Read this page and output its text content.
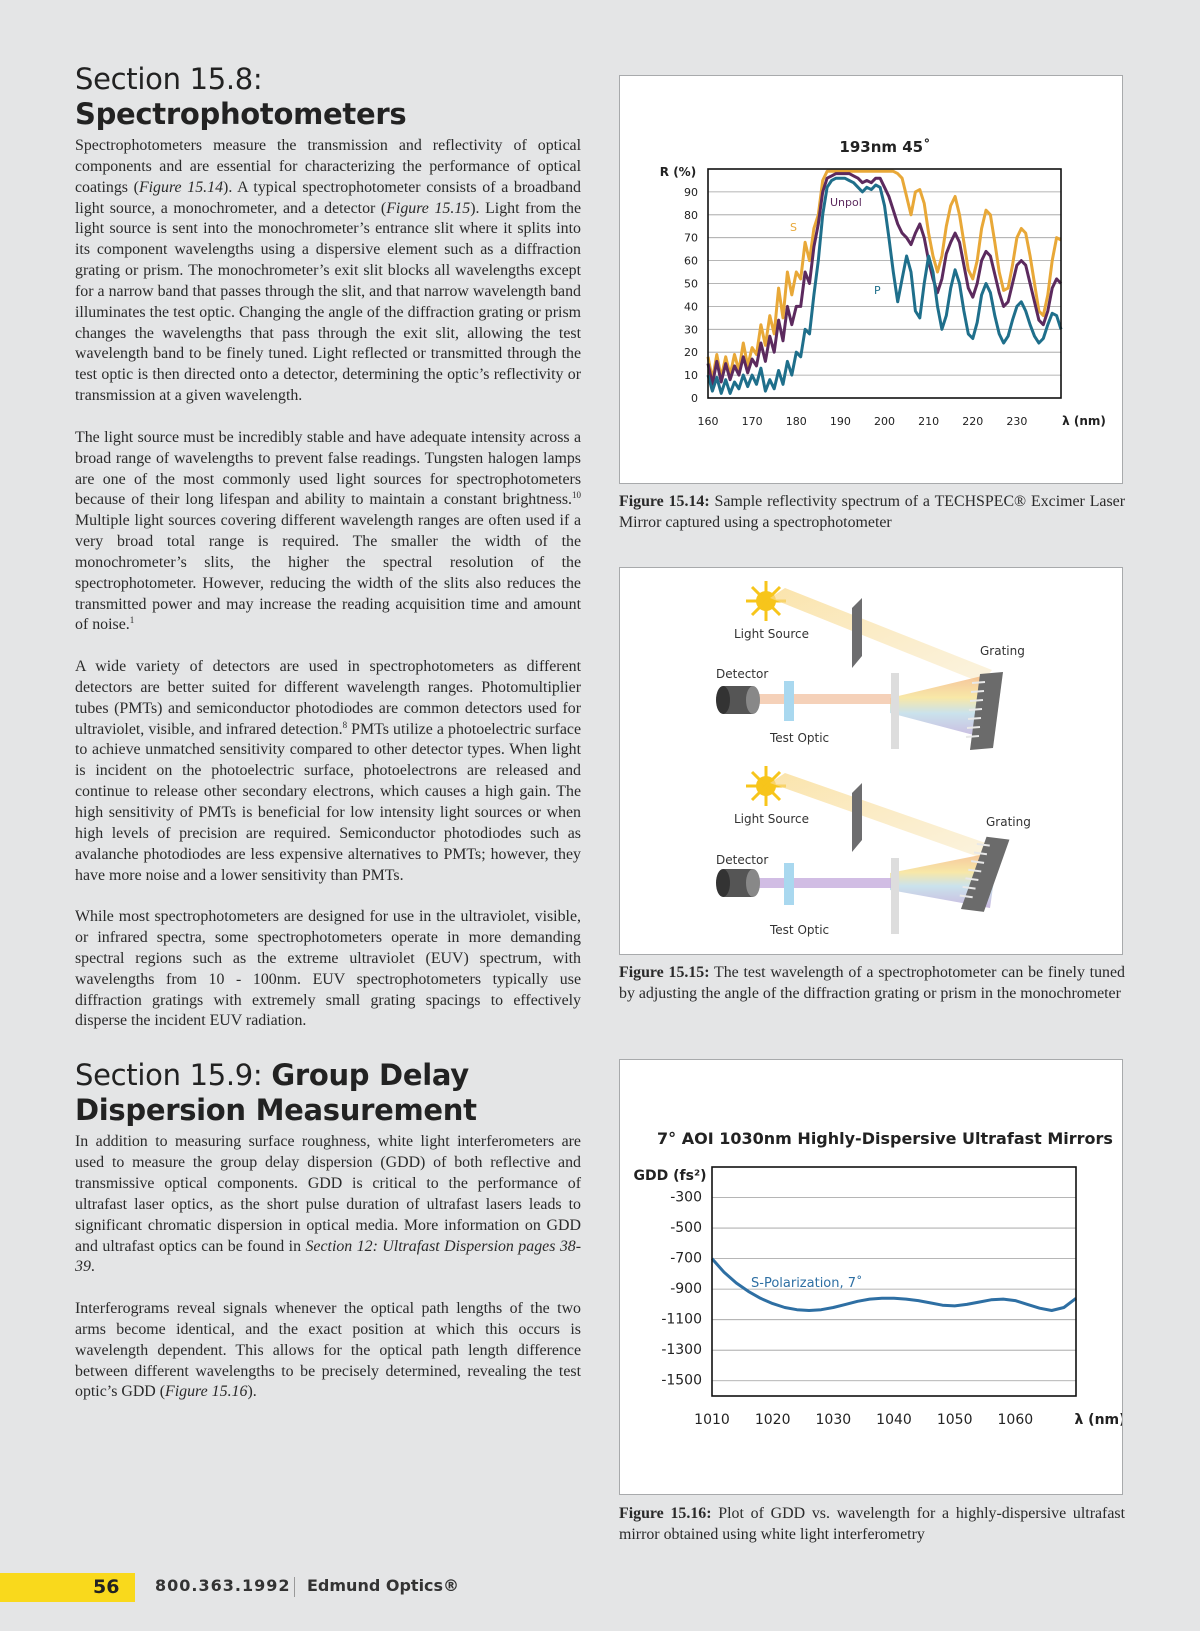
Section 15.8: Spectrophotometers

Spectrophotometers measure the transmission and reflectivity of optical components and are essential for characterizing the performance of optical coatings (Figure 15.14). A typical spectrophotometer consists of a broadband light source, a monochrometer, and a detector (Figure 15.15). Light from the light source is sent into the monochrometer’s entrance slit where it splits into its component wavelengths using a dispersive element such as a diffraction grating or prism. The monochrometer’s exit slit blocks all wavelengths except for a narrow band that passes through the slit, and that narrow wavelength band illuminates the test optic. Changing the angle of the diffraction grating or prism changes the wavelengths that pass through the exit slit, allowing the test wavelength band to be finely tuned. Light reflected or transmitted through the test optic is then directed onto a detector, determining the optic’s reflectivity or transmission at a given wavelength.

The light source must be incredibly stable and have adequate intensity across a broad range of wavelengths to prevent false readings. Tungsten halogen lamps are one of the most commonly used light sources for spectrophotometers because of their long lifespan and ability to maintain a constant brightness.$^{10}$ Multiple light sources covering different wavelength ranges are often used if a very broad total range is required. The smaller the width of the monochrometer’s slits, the higher the spectral resolution of the spectrophotometer. However, reducing the width of the slits also reduces the transmitted power and may increase the reading acquisition time and amount of noise.$^1$

A wide variety of detectors are used in spectrophotometers as different detectors are better suited for different wavelength ranges. Photomultiplier tubes (PMTs) and semiconductor photodiodes are common detectors used for ultraviolet, visible, and infrared detection.$^8$ PMTs utilize a photoelectric surface to achieve unmatched sensitivity compared to other detector types. When light is incident on the photoelectric surface, photoelectrons are released and continue to release other secondary electrons, which causes a high gain. The high sensitivity of PMTs is beneficial for low intensity light sources or when high levels of precision are required. Semiconductor photodiodes such as avalanche photodiodes are less expensive alternatives to PMTs; however, they have more noise and a lower sensitivity than PMTs.

While most spectrophotometers are designed for use in the ultraviolet, visible, or infrared spectra, some spectrophotometers operate in more demanding spectral regions such as the extreme ultraviolet (EUV) spectrum, with wavelengths from 10 - 100nm. EUV spectrophotometers typically use diffraction gratings with extremely small grating spacings to effectively disperse the incident EUV radiation.

Section 15.9: Group Delay
Dispersion Measurement

In addition to measuring surface roughness, white light interferometers are used to measure the group delay dispersion (GDD) of both reflective and transmissive optical components. GDD is critical to the performance of ultrafast laser optics, as the short pulse duration of ultrafast lasers leads to significant chromatic dispersion in optical media. More information on GDD and ultrafast optics can be found in Section 12: Ultrafast Dispersion pages 38-39.

Interferograms reveal signals whenever the optical path lengths of the two arms become identical, and the exact position at which this occurs is wavelength dependent. This allows for the optical path length difference between different wavelengths to be precisely determined, revealing the test optic’s GDD (Figure 15.16).

193nm 45˚
0
10
20
30
40
50
60
70
80
90
160 170 180 190 200 210 220 230
R (%)
λ (nm)
S
Unpol
P
Figure 15.14: Sample reflectivity spectrum of a TECHSPEC® Excimer Laser Mirror captured using a spectrophotometer
Light Source
Detector
Test Optic
Grating
Light Source
Detector
Test Optic
Grating
Figure 15.15: The test wavelength of a spectrophotometer can be finely tuned by adjusting the angle of the diffraction grating or prism in the monochrometer
7° AOI 1030nm Highly-Dispersive Ultrafast Mirrors
-300
-500
-700
-900
-1100
-1300
-1500
1010 1020 1030 1040 1050 1060
GDD (fs²)
λ (nm)
S-Polarization, 7˚
Figure 15.16: Plot of GDD vs. wavelength for a highly-dispersive ultrafast mirror obtained using white light interferometry
56 800.363.1992 Edmund Optics®
